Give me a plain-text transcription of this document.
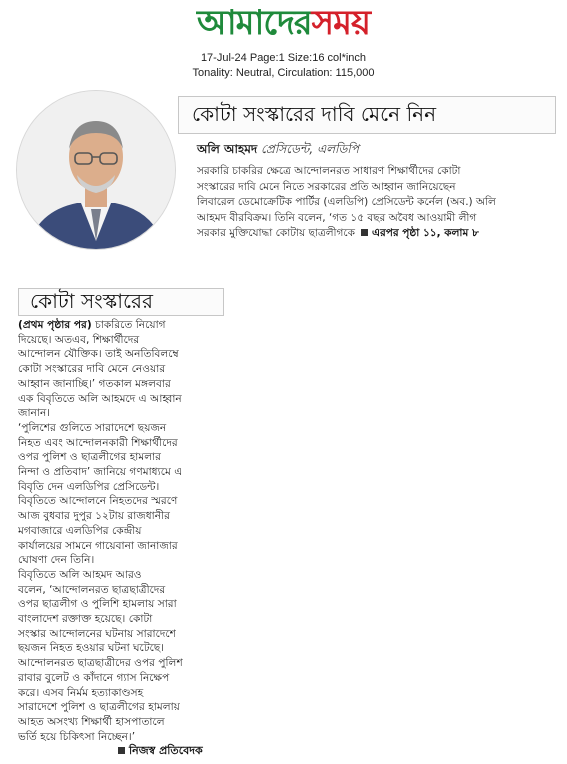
আমাদেরসময়
17-Jul-24 Page:1 Size:16 col*inch
Tonality: Neutral, Circulation: 115,000
কোটা সংস্কারের দাবি মেনে নিন
অলি আহমদ প্রেসিডেন্ট, এলডিপি
সরকারি চাকরির ক্ষেত্রে আন্দোলনরত সাধারণ শিক্ষার্থীদের কোটা
সংস্কারের দাবি মেনে নিতে সরকারের প্রতি আহ্বান জানিয়েছেন
লিবারেল ডেমোক্রেটিক পার্টির (এলডিপি) প্রেসিডেন্ট কর্নেল (অব.) অলি
আহমদ বীরবিক্রম। তিনি বলেন, ‘গত ১৫ বছর অবৈধ আওয়ামী লীগ
সরকার মুক্তিযোদ্ধা কোটায় ছাত্রলীগকে এরপর পৃষ্ঠা ১১, কলাম ৮
কোটা সংস্কারের
(প্রথম পৃষ্ঠার পর) চাকরিতে নিয়োগ
দিয়েছে। অতএব, শিক্ষার্থীদের
আন্দোলন যৌক্তিক। তাই অনতিবিলম্বে
কোটা সংস্কারের দাবি মেনে নেওয়ার
আহ্বান জানাচ্ছি।’ গতকাল মঙ্গলবার
এক বিবৃতিতে অলি আহমদে এ আহ্বান
জানান।
‘পুলিশের গুলিতে সারাদেশে ছয়জন
নিহত এবং আন্দোলনকারী শিক্ষার্থীদের
ওপর পুলিশ ও ছাত্রলীগের হামলার
নিন্দা ও প্রতিবাদ’ জানিয়ে গণমাধ্যমে এ
বিবৃতি দেন এলডিপির প্রেসিডেন্ট।
বিবৃতিতে আন্দোলনে নিহতদের স্মরণে
আজ বুধবার দুপুর ১২টায় রাজধানীর
মগবাজারে এলডিপির কেন্দ্রীয়
কার্যালয়ের সামনে গায়েবানা জানাজার
ঘোষণা দেন তিনি।
বিবৃতিতে অলি আহমদ আরও
বলেন, ‘আন্দোলনরত ছাত্রছাত্রীদের
ওপর ছাত্রলীগ ও পুলিশি হামলায় সারা
বাংলাদেশ রক্তাক্ত হয়েছে। কোটা
সংস্কার আন্দোলনের ঘটনায় সারাদেশে
ছয়জন নিহত হওয়ার ঘটনা ঘটেছে।
আন্দোলনরত ছাত্রছাত্রীদের ওপর পুলিশ
রাবার বুলেট ও কাঁদানে গ্যাস নিক্ষেপ
করে। এসব নির্মম হত্যাকাণ্ডসহ
সারাদেশে পুলিশ ও ছাত্রলীগের হামলায়
আহত অসংখ্য শিক্ষার্থী হাসপাতালে
ভর্তি হয়ে চিকিৎসা নিচ্ছেন।’
নিজস্ব প্রতিবেদক
